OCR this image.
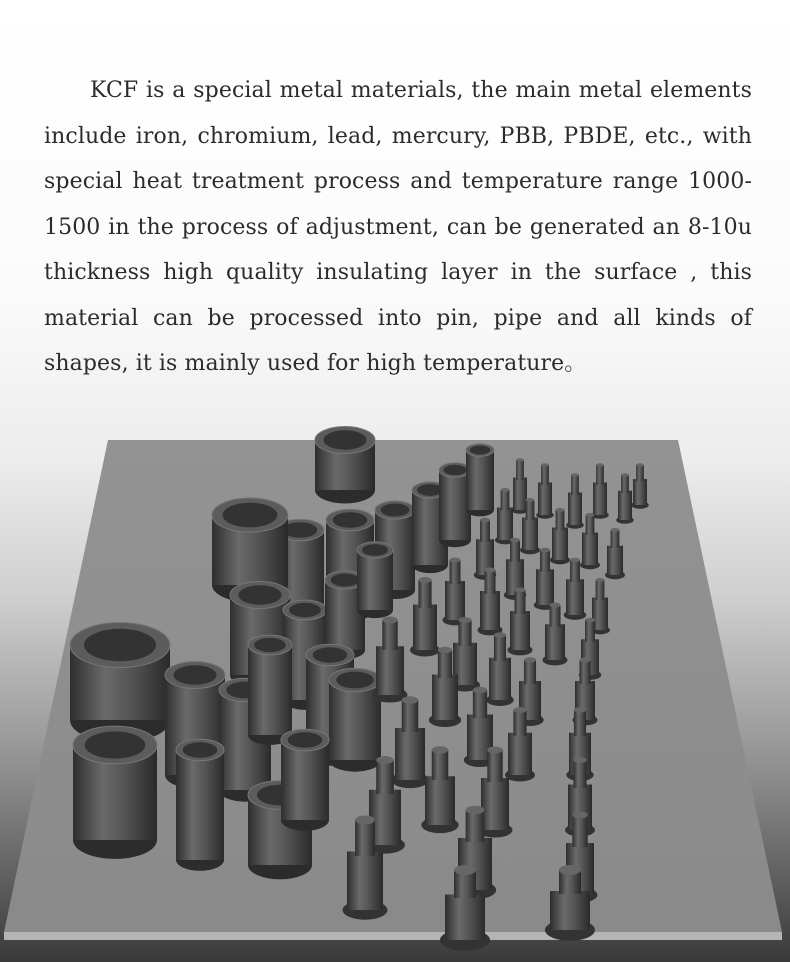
KCF is a special metal materials, the main metal elements include iron, chromium, lead, mercury, PBB, PBDE, etc., with special heat treatment process and temperature range 1000-1500 in the process of adjustment, can be generated an 8-10u thickness high quality insulating layer in the surface , this material can be processed into pin, pipe and all kinds of shapes, it is mainly used for high temperature。
